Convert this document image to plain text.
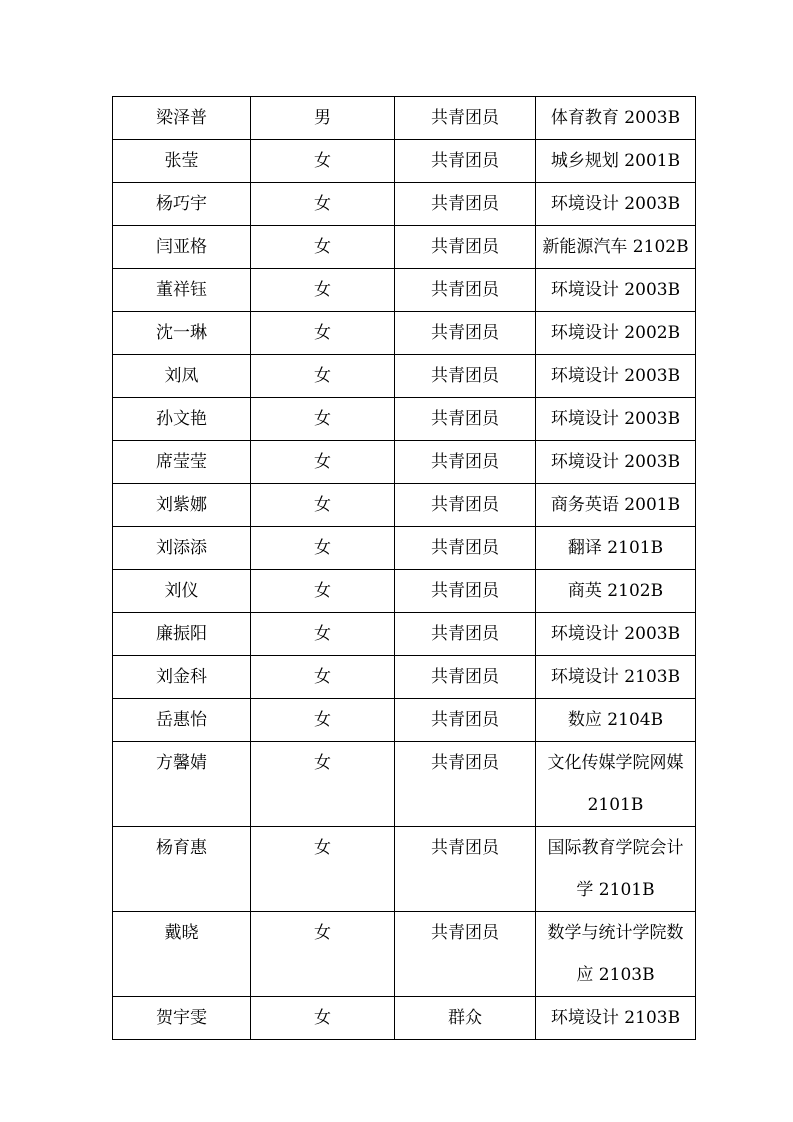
梁泽普	男	共青团员	体育教育 2003B
张莹	女	共青团员	城乡规划 2001B
杨巧宇	女	共青团员	环境设计 2003B
闫亚格	女	共青团员	新能源汽车 2102B
董祥钰	女	共青团员	环境设计 2003B
沈一琳	女	共青团员	环境设计 2002B
刘凤	女	共青团员	环境设计 2003B
孙文艳	女	共青团员	环境设计 2003B
席莹莹	女	共青团员	环境设计 2003B
刘紫娜	女	共青团员	商务英语 2001B
刘添添	女	共青团员	翻译 2101B
刘仪	女	共青团员	商英 2102B
廉振阳	女	共青团员	环境设计 2003B
刘金科	女	共青团员	环境设计 2103B
岳惠怡	女	共青团员	数应 2104B
方馨婧	女	共青团员	文化传媒学院网媒 2101B
杨育惠	女	共青团员	国际教育学院会计学 2101B
戴晓	女	共青团员	数学与统计学院数应 2103B
贺宇雯	女	群众	环境设计 2103B
